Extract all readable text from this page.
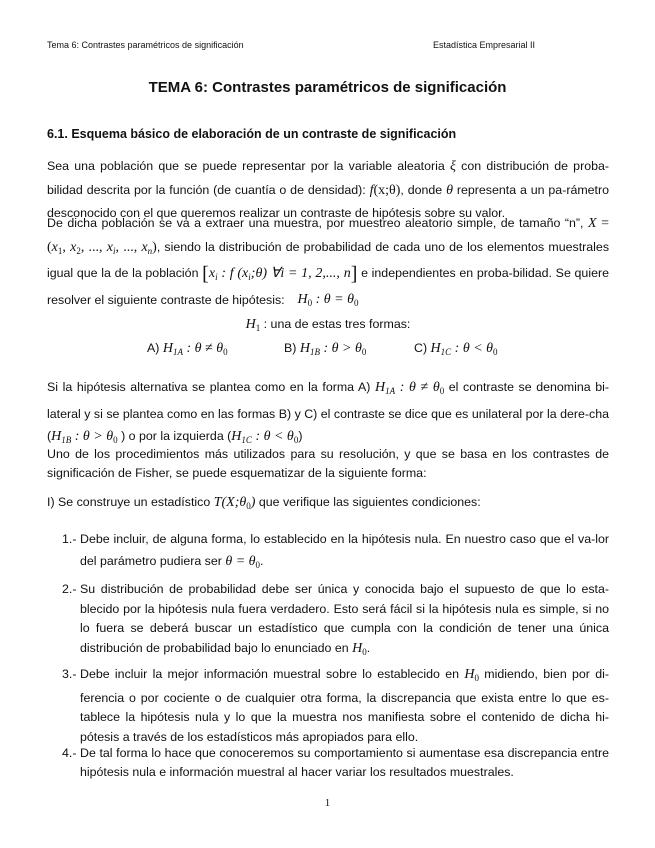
Tema 6: Contrastes paramétricos de significación	Estadística Empresarial II
TEMA 6: Contrastes paramétricos de significación
6.1. Esquema básico de elaboración de un contraste de significación
Sea una población que se puede representar por la variable aleatoria ξ con distribución de proba-bilidad descrita por la función (de cuantía o de densidad): f(x;θ), donde θ representa a un pa-rámetro desconocido con el que queremos realizar un contraste de hipótesis sobre su valor.
De dicha población se va a extraer una muestra, por muestreo aleatorio simple, de tamaño “n”, $X = (x_1$, $x_2$, ..., $x_i$, ..., $x_n$), siendo la distribución de probabilidad de cada uno de los elementos muestrales igual que la de la población [$x_i$ : f $(x_i;\theta)$ ∀i = 1, 2,..., n] e independientes en proba-bilidad. Se quiere resolver el siguiente contraste de hipótesis: $H_0$ : $\theta = \theta_0$
$H_1$ : una de estas tres formas:
A) $H_{1A}$ : $\theta \ne \theta_0$	B) $H_{1B}$ : $\theta > \theta_0$	C) $H_{1C}$ : $\theta < \theta_0$
Si la hipótesis alternativa se plantea como en la forma A) $H_{1A}$ : $\theta \ne \theta_0$ el contraste se denomina bi-lateral y si se plantea como en las formas B) y C) el contraste se dice que es unilateral por la dere-cha ($H_{1B}$ : $\theta > \theta_0$ ) o por la izquierda ($H_{1C}$ : $\theta < \theta_0$)
Uno de los procedimientos más utilizados para su resolución, y que se basa en los contrastes de significación de Fisher, se puede esquematizar de la siguiente forma:
I) Se construye un estadístico $T(X;\theta_0)$ que verifique las siguientes condiciones:
1.- Debe incluir, de alguna forma, lo establecido en la hipótesis nula. En nuestro caso que el va-lor del parámetro pudiera ser $\theta = \theta_0$.
2.- Su distribución de probabilidad debe ser única y conocida bajo el supuesto de que lo esta-blecido por la hipótesis nula fuera verdadero. Esto será fácil si la hipótesis nula es simple, si no lo fuera se deberá buscar un estadístico que cumpla con la condición de tener una única distribución de probabilidad bajo lo enunciado en $H_0$.
3.- Debe incluir la mejor información muestral sobre lo establecido en $H_0$ midiendo, bien por di-ferencia o por cociente o de cualquier otra forma, la discrepancia que exista entre lo que es-tablece la hipótesis nula y lo que la muestra nos manifiesta sobre el contenido de dicha hi-pótesis a través de los estadísticos más apropiados para ello.
4.- De tal forma lo hace que conoceremos su comportamiento si aumentase esa discrepancia entre hipótesis nula e información muestral al hacer variar los resultados muestrales.
1
